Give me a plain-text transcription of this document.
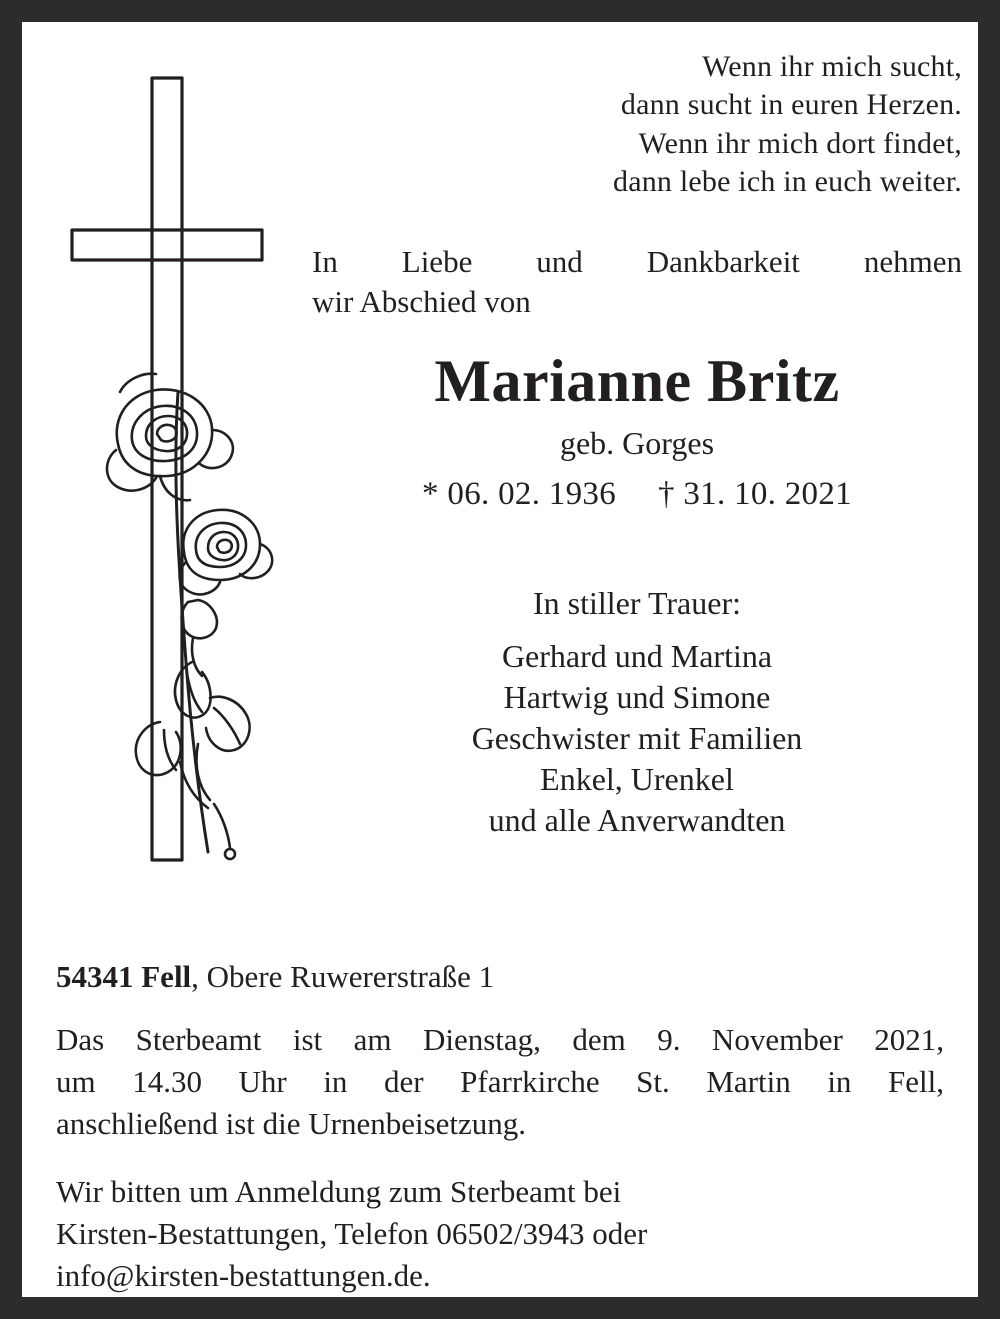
Wenn ihr mich sucht,
dann sucht in euren Herzen.
Wenn ihr mich dort findet,
dann lebe ich in euch weiter.
In Liebe und Dankbarkeit nehmen
wir Abschied von
Marianne Britz
geb. Gorges
* 06. 02. 1936 † 31. 10. 2021
In stiller Trauer:
Gerhard und Martina
Hartwig und Simone
Geschwister mit Familien
Enkel, Urenkel
und alle Anverwandten
54341 Fell, Obere Ruwererstraße 1
Das Sterbeamt ist am Dienstag, dem 9. November 2021,
um 14.30 Uhr in der Pfarrkirche St. Martin in Fell,
anschließend ist die Urnenbeisetzung.
Wir bitten um Anmeldung zum Sterbeamt bei
Kirsten-Bestattungen, Telefon 06502/3943 oder
info@kirsten-bestattungen.de.
